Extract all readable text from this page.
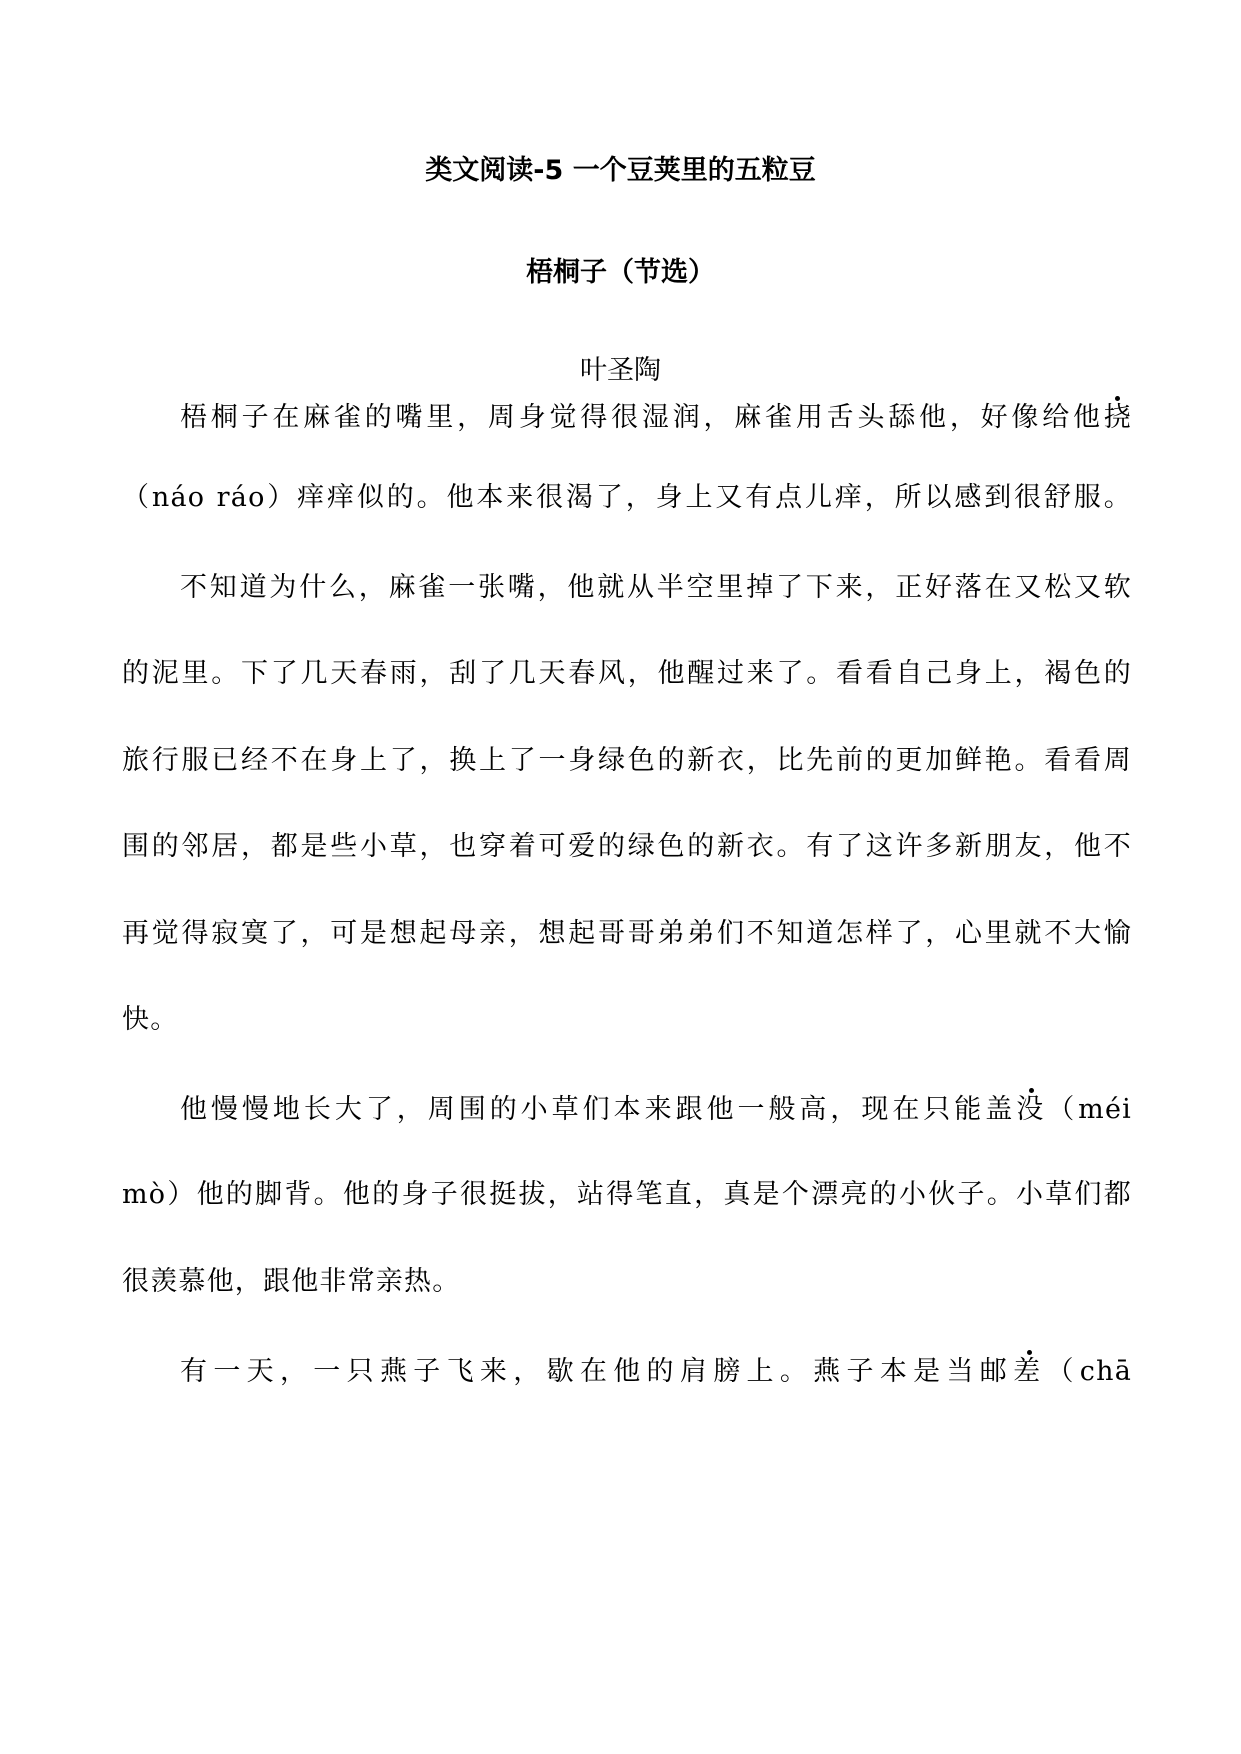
类文阅读-5 一个豆荚里的五粒豆
梧桐子（节选）
叶圣陶
梧桐子在麻雀的嘴里，周身觉得很湿润，麻雀用舌头舔他，好像给他挠
（náo ráo）痒痒似的。他本来很渴了，身上又有点儿痒，所以感到很舒服。
不知道为什么，麻雀一张嘴，他就从半空里掉了下来，正好落在又松又软
的泥里。下了几天春雨，刮了几天春风，他醒过来了。看看自己身上，褐色的
旅行服已经不在身上了，换上了一身绿色的新衣，比先前的更加鲜艳。看看周
围的邻居，都是些小草，也穿着可爱的绿色的新衣。有了这许多新朋友，他不
再觉得寂寞了，可是想起母亲，想起哥哥弟弟们不知道怎样了，心里就不大愉
快。
他慢慢地长大了，周围的小草们本来跟他一般高，现在只能盖没（méi
mò）他的脚背。他的身子很挺拔，站得笔直，真是个漂亮的小伙子。小草们都
很羡慕他，跟他非常亲热。
有一天，一只燕子飞来，歇在他的肩膀上。燕子本是当邮差（chā
